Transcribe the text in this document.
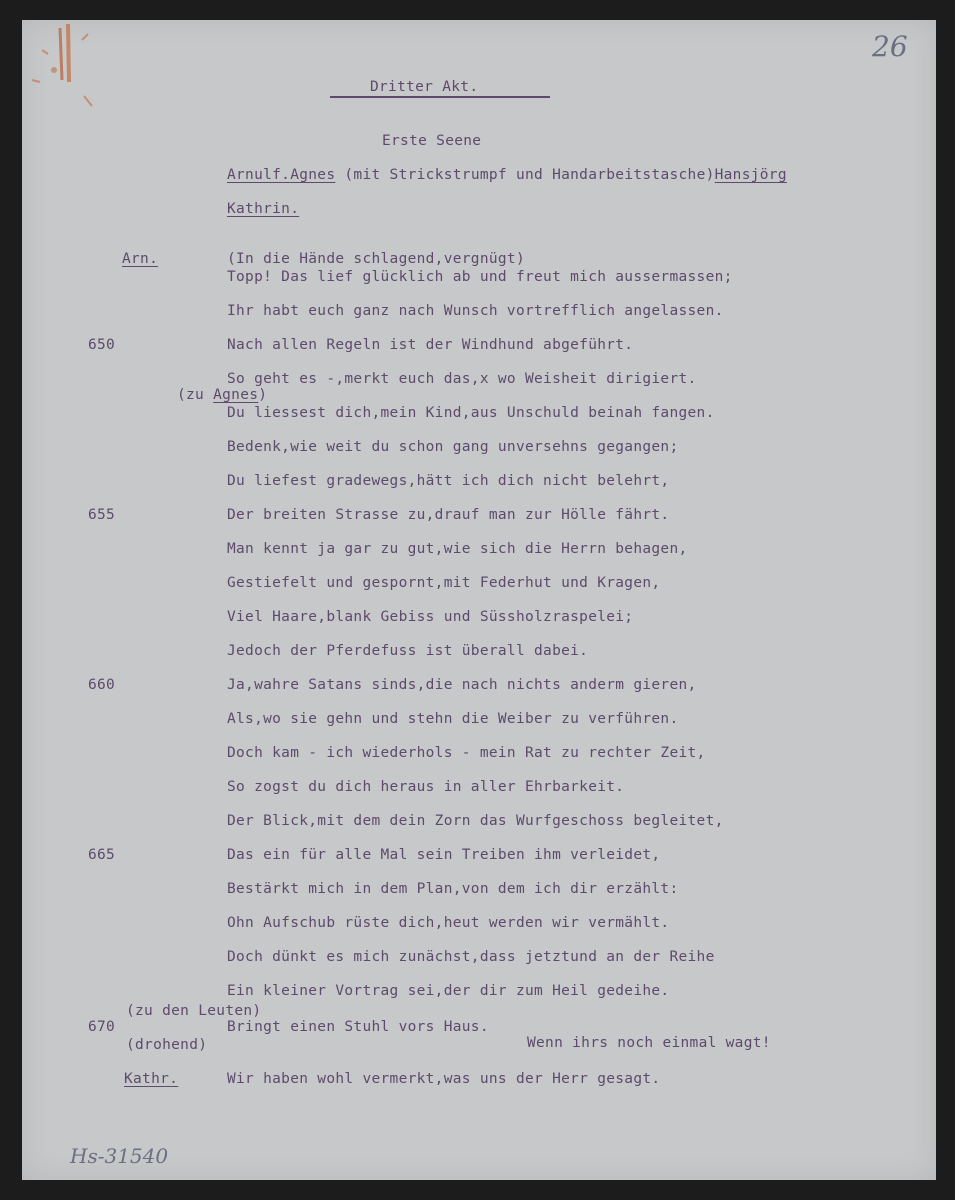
26
Dritter Akt.
Erste Seene
Arnulf.Agnes (mit Strickstrumpf und Handarbeitstasche)Hansjörg
Kathrin.
Arn.	(In die Hände schlagend,vergnügt)
Topp! Das lief glücklich ab und freut mich aussermassen;
Ihr habt euch ganz nach Wunsch vortrefflich angelassen.
650	Nach allen Regeln ist der Windhund abgeführt.
So geht es -,merkt euch das,x wo Weisheit dirigiert.
(zu Agnes)
Du liessest dich,mein Kind,aus Unschuld beinah fangen.
Bedenk,wie weit du schon gang unversehns gegangen;
Du liefest gradewegs,hätt ich dich nicht belehrt,
655	Der breiten Strasse zu,drauf man zur Hölle fährt.
Man kennt ja gar zu gut,wie sich die Herrn behagen,
Gestiefelt und gespornt,mit Federhut und Kragen,
Viel Haare,blank Gebiss und Süssholzraspelei;
Jedoch der Pferdefuss ist überall dabei.
660	Ja,wahre Satans sinds,die nach nichts anderm gieren,
Als,wo sie gehn und stehn die Weiber zu verführen.
Doch kam - ich wiederhols - mein Rat zu rechter Zeit,
So zogst du dich heraus in aller Ehrbarkeit.
Der Blick,mit dem dein Zorn das Wurfgeschoss begleitet,
665	Das ein für alle Mal sein Treiben ihm verleidet,
Bestärkt mich in dem Plan,von dem ich dir erzählt:
Ohn Aufschub rüste dich,heut werden wir vermählt.
Doch dünkt es mich zunächst,dass jetztund an der Reihe
Ein kleiner Vortrag sei,der dir zum Heil gedeihe.
(zu den Leuten)
670	Bringt einen Stuhl vors Haus.
(drohend)	Wenn ihrs noch einmal wagt!
Kathr.	Wir haben wohl vermerkt,was uns der Herr gesagt.
Hs-31540
